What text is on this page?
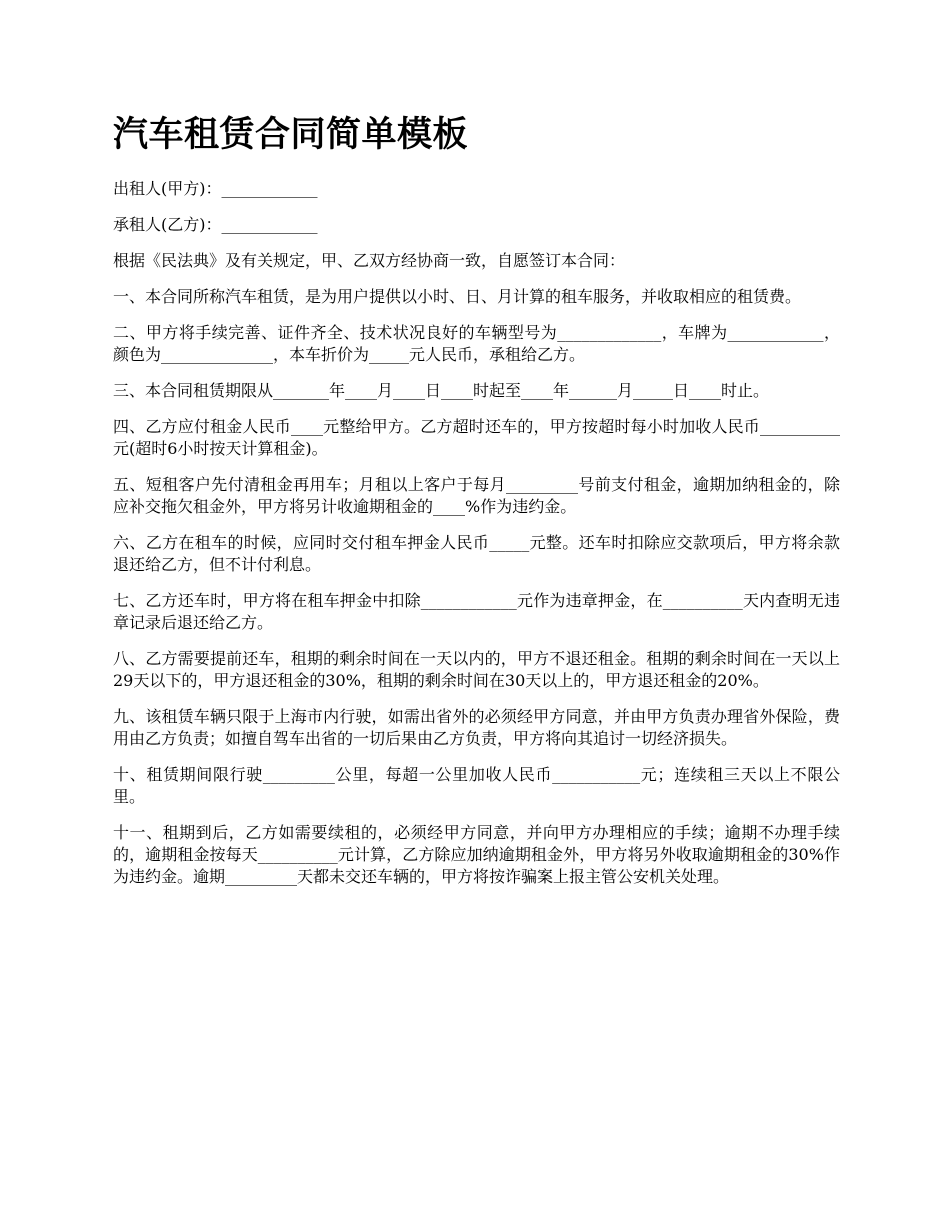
汽车租赁合同简单模板

出租人(甲方)：____________

承租人(乙方)：____________

根据《民法典》及有关规定，甲、乙双方经协商一致，自愿签订本合同：

一、本合同所称汽车租赁，是为用户提供以小时、日、月计算的租车服务，并收取相应的租赁费。

二、甲方将手续完善、证件齐全、技术状况良好的车辆型号为_____________，车牌为____________，颜色为______________，本车折价为_____元人民币，承租给乙方。

三、本合同租赁期限从_______年____月____日____时起至____年______月_____日____时止。

四、乙方应付租金人民币____元整给甲方。乙方超时还车的，甲方按超时每小时加收人民币__________元(超时6小时按天计算租金)。

五、短租客户先付清租金再用车；月租以上客户于每月_________号前支付租金，逾期加纳租金的，除应补交拖欠租金外，甲方将另计收逾期租金的____%作为违约金。

六、乙方在租车的时候，应同时交付租车押金人民币_____元整。还车时扣除应交款项后，甲方将余款退还给乙方，但不计付利息。

七、乙方还车时，甲方将在租车押金中扣除____________元作为违章押金，在__________天内查明无违章记录后退还给乙方。

八、乙方需要提前还车，租期的剩余时间在一天以内的，甲方不退还租金。租期的剩余时间在一天以上29天以下的，甲方退还租金的30%，租期的剩余时间在30天以上的，甲方退还租金的20%。

九、该租赁车辆只限于上海市内行驶，如需出省外的必须经甲方同意，并由甲方负责办理省外保险，费用由乙方负责；如擅自驾车出省的一切后果由乙方负责，甲方将向其追讨一切经济损失。

十、租赁期间限行驶_________公里，每超一公里加收人民币___________元；连续租三天以上不限公里。

十一、租期到后，乙方如需要续租的，必须经甲方同意，并向甲方办理相应的手续；逾期不办理手续的，逾期租金按每天__________元计算，乙方除应加纳逾期租金外，甲方将另外收取逾期租金的30%作为违约金。逾期_________天都未交还车辆的，甲方将按诈骗案上报主管公安机关处理。
